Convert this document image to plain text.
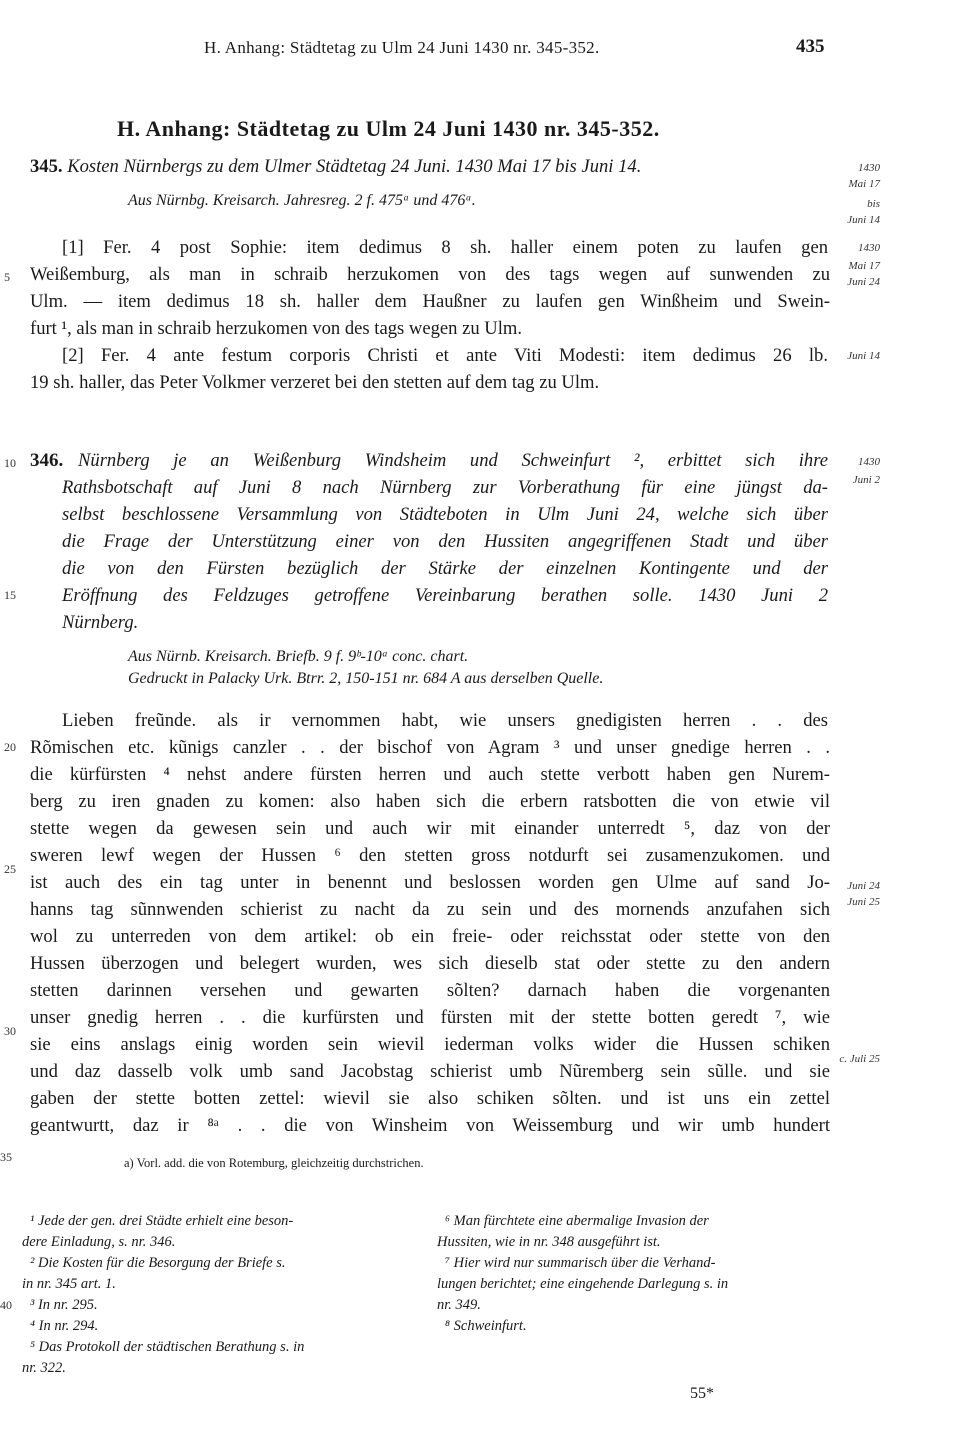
H. Anhang: Städtetag zu Ulm 24 Juni 1430 nr. 345-352.	435
H. Anhang: Städtetag zu Ulm 24 Juni 1430 nr. 345-352.
345. Kosten Nürnbergs zu dem Ulmer Städtetag 24 Juni. 1430 Mai 17 bis Juni 14.
Aus Nürnbg. Kreisarch. Jahresreg. 2 f. 475ᵃ und 476ᵃ.
[1] Fer. 4 post Sophie: item dedimus 8 sh. haller einem poten zu laufen gen
Weißemburg, als man in schraib herzukomen von des tags wegen auf sunwenden zu
Ulm. — item dedimus 18 sh. haller dem Haußner zu laufen gen Winßheim und Swein-
furt ¹, als man in schraib herzukomen von des tags wegen zu Ulm.
[2] Fer. 4 ante festum corporis Christi et ante Viti Modesti: item dedimus 26 lb.
19 sh. haller, das Peter Volkmer verzeret bei den stetten auf dem tag zu Ulm.
346. Nürnberg je an Weißenburg Windsheim und Schweinfurt ², erbittet sich ihre
Rathsbotschaft auf Juni 8 nach Nürnberg zur Vorberathung für eine jüngst da-
selbst beschlossene Versammlung von Städteboten in Ulm Juni 24, welche sich über
die Frage der Unterstützung einer von den Hussiten angegriffenen Stadt und über
die von den Fürsten bezüglich der Stärke der einzelnen Kontingente und der
Eröffnung des Feldzuges getroffene Vereinbarung berathen solle. 1430 Juni 2
Nürnberg.
Aus Nürnb. Kreisarch. Briefb. 9 f. 9ᵇ-10ᵃ conc. chart.
Gedruckt in Palacky Urk. Btrr. 2, 150-151 nr. 684 A aus derselben Quelle.
Lieben freũnde. als ir vernommen habt, wie unsers gnedigisten herren . . des
Rõmischen etc. kũnigs canzler . . der bischof von Agram ³ und unser gnedige herren . .
die kürfürsten ⁴ nehst andere fürsten herren und auch stette verbott haben gen Nurem-
berg zu iren gnaden zu komen: also haben sich die erbern ratsbotten die von etwie vil
stette wegen da gewesen sein und auch wir mit einander unterredt ⁵, daz von der
sweren lewf wegen der Hussen ⁶ den stetten gross notdurft sei zusamenzukomen. und
ist auch des ein tag unter in benennt und beslossen worden gen Ulme auf sand Jo-
hanns tag sũnnwenden schierist zu nacht da zu sein und des mornends anzufahen sich
wol zu unterreden von dem artikel: ob ein freie- oder reichsstat oder stette von den
Hussen überzogen und belegert wurden, wes sich dieselb stat oder stette zu den andern
stetten darinnen versehen und gewarten sõlten? darnach haben die vorgenanten
unser gnedig herren . . die kurfürsten und fürsten mit der stette botten geredt ⁷, wie
sie eins anslags einig worden sein wievil iederman volks wider die Hussen schiken
und daz dasselb volk umb sand Jacobstag schierist umb Nũremberg sein sũlle. und sie
gaben der stette botten zettel: wievil sie also schiken sõlten. und ist uns ein zettel
geantwurtt, daz ir ⁸ᵃ . . die von Winsheim von Weissemburg und wir umb hundert
1430
Mai 17
bis
Juni 14
1430
Mai 17
Juni 24
Juni 14
1430
Juni 2
Juni 24
Juni 25
c. Juli 25
5
10
15
20
25
30
35
40
a) Vorl. add. die von Rotemburg, gleichzeitig durchstrichen.
¹ Jede der gen. drei Städte erhielt eine beson-
dere Einladung, s. nr. 346.
² Die Kosten für die Besorgung der Briefe s.
in nr. 345 art. 1.
³ In nr. 295.
⁴ In nr. 294.
⁵ Das Protokoll der städtischen Berathung s. in
nr. 322.
⁶ Man fürchtete eine abermalige Invasion der
Hussiten, wie in nr. 348 ausgeführt ist.
⁷ Hier wird nur summarisch über die Verhand-
lungen berichtet; eine eingehende Darlegung s. in
nr. 349.
⁸ Schweinfurt.
55*
